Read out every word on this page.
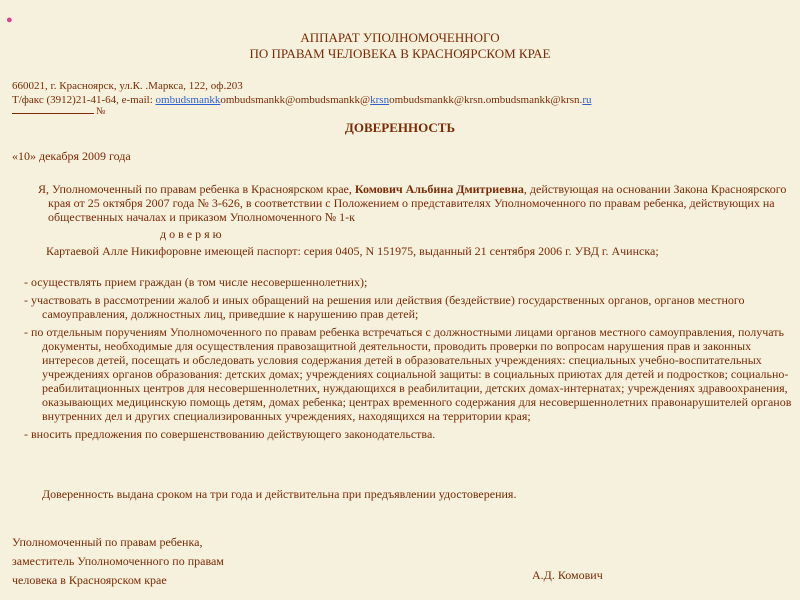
●
АППАРАТ УПОЛНОМОЧЕННОГО
ПО ПРАВАМ ЧЕЛОВЕКА В КРАСНОЯРСКОМ КРАЕ
660021, г. Красноярск, ул.К. .Маркса, 122, оф.203
Т/факс (3912)21-41-64, e-mail: ombudsmankkombudsmankk@ombudsmankk@krsnombudsmankk@krsn.ombudsmankk@krsn.ru
№
ДОВЕРЕННОСТЬ
«10» декабря 2009 года
Я, Уполномоченный по правам ребенка в Красноярском крае, Комович Альбина Дмитриевна, действующая на основании Закона Красноярского края от 25 октября 2007 года № 3-626, в соответствии с Положением о представителях Уполномоченного по правам ребенка, действующих на общественных началах и приказом Уполномоченного № 1-к
д о в е р я ю
Картаевой Алле Никифоровне имеющей паспорт: серия 0405, N 151975, выданный 21 сентября 2006 г. УВД г. Ачинска;
- осуществлять прием граждан (в том числе несовершеннолетних);
- участвовать в рассмотрении жалоб и иных обращений на решения или действия (бездействие) государственных органов, органов местного самоуправления, должностных лиц, приведшие к нарушению прав детей;
- по отдельным поручениям Уполномоченного по правам ребенка встречаться с должностными лицами органов местного самоуправления, получать документы, необходимые для осуществления правозащитной деятельности, проводить проверки по вопросам нарушения прав и законных интересов детей, посещать и обследовать условия содержания детей в образовательных учреждениях: специальных учебно-воспитательных учреждениях органов образования: детских домах; учреждениях социальной защиты: в социальных приютах для детей и подростков; социально-реабилитационных центров для несовершеннолетних, нуждающихся в реабилитации, детских домах-интернатах; учреждениях здравоохранения, оказывающих медицинскую помощь детям, домах ребенка; центрах временного содержания для несовершеннолетних правонарушителей органов внутренних дел и других специализированных учреждениях, находящихся на территории края;
- вносить предложения по совершенствованию действующего законодательства.
Доверенность выдана сроком на три года и действительна при предъявлении удостоверения.
Уполномоченный по правам ребенка,
заместитель Уполномоченного по правам
человека в Красноярском крае	А.Д. Комович
